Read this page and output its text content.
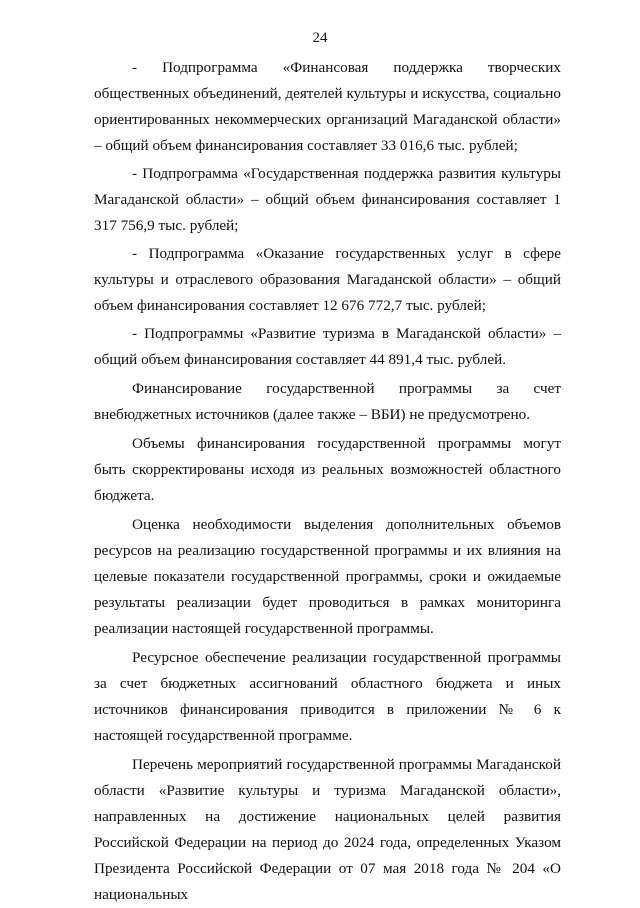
24

- Подпрограмма «Финансовая поддержка творческих общественных объединений, деятелей культуры и искусства, социально ориентированных некоммерческих организаций Магаданской области» – общий объем финансирования составляет 33 016,6 тыс. рублей;

- Подпрограмма «Государственная поддержка развития культуры Магаданской области» – общий объем финансирования составляет 1 317 756,9 тыс. рублей;

- Подпрограмма «Оказание государственных услуг в сфере культуры и отраслевого образования Магаданской области» – общий объем финансирования составляет 12 676 772,7 тыс. рублей;

- Подпрограммы «Развитие туризма в Магаданской области» – общий объем финансирования составляет 44 891,4 тыс. рублей.

Финансирование государственной программы за счет внебюджетных источников (далее также – ВБИ) не предусмотрено.

Объемы финансирования государственной программы могут быть скорректированы исходя из реальных возможностей областного бюджета.

Оценка необходимости выделения дополнительных объемов ресурсов на реализацию государственной программы и их влияния на целевые показатели государственной программы, сроки и ожидаемые результаты реализации будет проводиться в рамках мониторинга реализации настоящей государственной программы.

Ресурсное обеспечение реализации государственной программы за счет бюджетных ассигнований областного бюджета и иных источников финансирования приводится в приложении № 6 к настоящей государственной программе.

Перечень мероприятий государственной программы Магаданской области «Развитие культуры и туризма Магаданской области», направленных на достижение национальных целей развития Российской Федерации на период до 2024 года, определенных Указом Президента Российской Федерации от 07 мая 2018 года № 204 «О национальных
